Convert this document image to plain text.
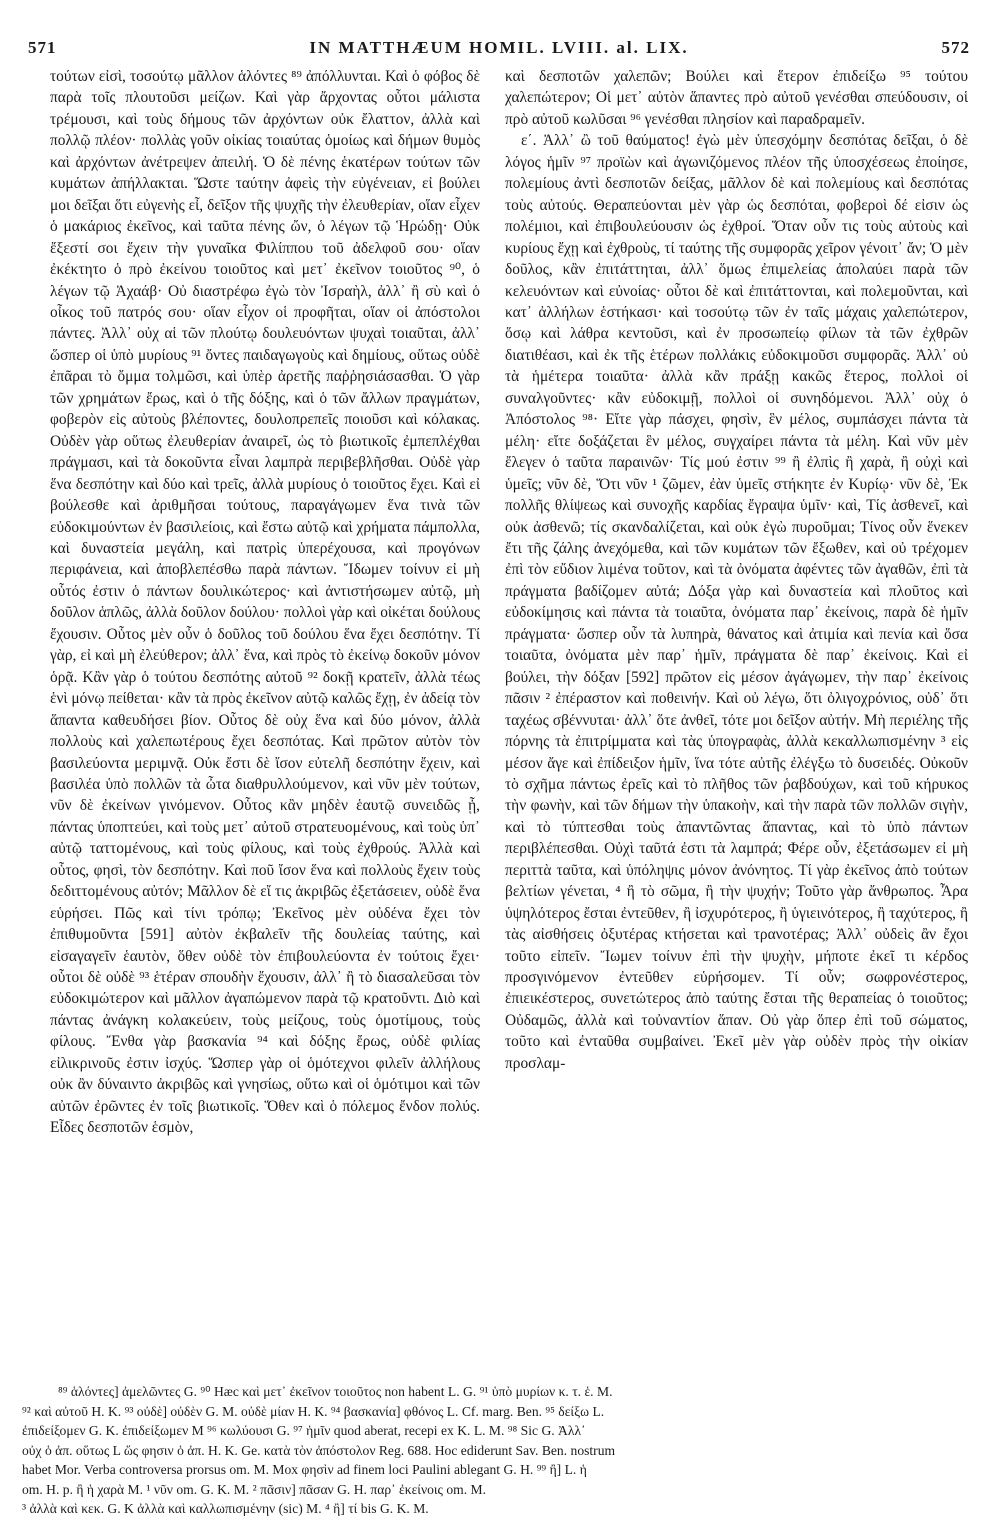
571	IN MATTHÆUM HOMIL. LVIII. al. LIX.	572

τούτων εἰσὶ, τοσούτῳ μᾶλλον ἁλόντες ⁸⁹ ἀπόλλυνται. Καὶ ὁ φόβος δὲ παρὰ τοῖς πλουτοῦσι μείζων. Καὶ γὰρ ἄρχοντας οὗτοι μάλιστα τρέμουσι, καὶ τοὺς δήμους τῶν ἀρχόντων οὐκ ἔλαττον, ἀλλὰ καὶ πολλῷ πλέον· πολλὰς γοῦν οἰκίας τοιαύτας ὁμοίως καὶ δήμων θυμὸς καὶ ἀρχόντων ἀνέτρεψεν ἀπειλή. Ὁ δὲ πένης ἑκατέρων τούτων τῶν κυμάτων ἀπήλλακται. Ὥστε ταύτην ἀφεὶς τὴν εὐγένειαν, εἰ βούλει μοι δεῖξαι ὅτι εὐγενὴς εἶ, δεῖξον τῆς ψυχῆς τὴν ἐλευθερίαν, οἵαν εἶχεν ὁ μακάριος ἐκεῖνος, καὶ ταῦτα πένης ὤν, ὁ λέγων τῷ Ἡρώδῃ· Οὐκ ἔξεστί σοι ἔχειν τὴν γυναῖκα Φιλίππου τοῦ ἀδελφοῦ σου· οἵαν ἐκέκτητο ὁ πρὸ ἐκείνου τοιοῦτος καὶ μετ᾽ ἐκεῖνον τοιοῦτος ⁹⁰, ὁ λέγων τῷ Ἀχαάβ· Οὐ διαστρέφω ἐγὼ τὸν Ἰσραὴλ, ἀλλ᾽ ἢ σὺ καὶ ὁ οἶκος τοῦ πατρός σου· οἵαν εἶχον οἱ προφῆται, οἵαν οἱ ἀπόστολοι πάντες. Ἀλλ᾽ οὐχ αἱ τῶν πλούτῳ δουλευόντων ψυχαὶ τοιαῦται, ἀλλ᾽ ὥσπερ οἱ ὑπὸ μυρίους ⁹¹ ὄντες παιδαγωγοὺς καὶ δημίους, οὕτως οὐδὲ ἐπᾶραι τὸ ὄμμα τολμῶσι, καὶ ὑπὲρ ἀρετῆς παῤῥησιάσασθαι. Ὁ γὰρ τῶν χρημάτων ἔρως, καὶ ὁ τῆς δόξης, καὶ ὁ τῶν ἄλλων πραγμάτων, φοβερὸν εἰς αὐτοὺς βλέποντες, δουλοπρεπεῖς ποιοῦσι καὶ κόλακας. Οὐδὲν γὰρ οὕτως ἐλευθερίαν ἀναιρεῖ, ὡς τὸ βιωτικοῖς ἐμπεπλέχθαι πράγμασι, καὶ τὰ δοκοῦντα εἶναι λαμπρὰ περιβεβλῆσθαι. Οὐδὲ γὰρ ἕνα δεσπότην καὶ δύο καὶ τρεῖς, ἀλλὰ μυρίους ὁ τοιοῦτος ἔχει. Καὶ εἰ βούλεσθε καὶ ἀριθμῆσαι τούτους, παραγάγωμεν ἕνα τινὰ τῶν εὐδοκιμούντων ἐν βασιλείοις, καὶ ἔστω αὐτῷ καὶ χρήματα πάμπολλα, καὶ δυναστεία μεγάλη, καὶ πατρὶς ὑπερέχουσα, καὶ προγόνων περιφάνεια, καὶ ἀποβλεπέσθω παρὰ πάντων. Ἴδωμεν τοίνυν εἰ μὴ οὗτός ἐστιν ὁ πάντων δουλικώτερος· καὶ ἀντιστήσωμεν αὐτῷ, μὴ δοῦλον ἁπλῶς, ἀλλὰ δοῦλον δούλου· πολλοὶ γὰρ καὶ οἰκέται δούλους ἔχουσιν. Οὗτος μὲν οὖν ὁ δοῦλος τοῦ δούλου ἕνα ἔχει δεσπότην. Τί γὰρ, εἰ καὶ μὴ ἐλεύθερον; ἀλλ᾽ ἕνα, καὶ πρὸς τὸ ἐκείνῳ δοκοῦν μόνον ὁρᾷ. Κἂν γὰρ ὁ τούτου δεσπότης αὐτοῦ ⁹² δοκῇ κρατεῖν, ἀλλὰ τέως ἑνὶ μόνῳ πείθεται· κἂν τὰ πρὸς ἐκεῖνον αὐτῷ καλῶς ἔχῃ, ἐν ἀδείᾳ τὸν ἅπαντα καθευδήσει βίον. Οὗτος δὲ οὐχ ἕνα καὶ δύο μόνον, ἀλλὰ πολλοὺς καὶ χαλεπωτέρους ἔχει δεσπότας. Καὶ πρῶτον αὐτὸν τὸν βασιλεύοντα μεριμνᾷ. Οὐκ ἔστι δὲ ἴσον εὐτελῆ δεσπότην ἔχειν, καὶ βασιλέα ὑπὸ πολλῶν τὰ ὦτα διαθρυλλούμενον, καὶ νῦν μὲν τούτων, νῦν δὲ ἐκείνων γινόμενον. Οὗτος κἂν μηδὲν ἑαυτῷ συνειδῶς ᾖ, πάντας ὑποπτεύει, καὶ τοὺς μετ᾽ αὐτοῦ στρατευομένους, καὶ τοὺς ὑπ᾽ αὐτῷ ταττομένους, καὶ τοὺς φίλους, καὶ τοὺς ἐχθρούς. Ἀλλὰ καὶ οὗτος, φησὶ, τὸν δεσπότην. Καὶ ποῦ ἴσον ἕνα καὶ πολλοὺς ἔχειν τοὺς δεδιττομένους αὐτόν; Μᾶλλον δὲ εἴ τις ἀκριβῶς ἐξετάσειεν, οὐδὲ ἕνα εὑρήσει. Πῶς καὶ τίνι τρόπῳ; Ἐκεῖνος μὲν οὐδένα ἔχει τὸν ἐπιθυμοῦντα [591] αὐτὸν ἐκβαλεῖν τῆς δουλείας ταύτης, καὶ εἰσαγαγεῖν ἑαυτὸν, ὅθεν οὐδὲ τὸν ἐπιβουλεύοντα ἐν τούτοις ἔχει· οὗτοι δὲ οὐδὲ ⁹³ ἑτέραν σπουδὴν ἔχουσιν, ἀλλ᾽ ἢ τὸ διασαλεῦσαι τὸν εὐδοκιμώτερον καὶ μᾶλλον ἀγαπώμενον παρὰ τῷ κρατοῦντι. Διὸ καὶ πάντας ἀνάγκη κολακεύειν, τοὺς μείζους, τοὺς ὁμοτίμους, τοὺς φίλους. Ἔνθα γὰρ βασκανία ⁹⁴ καὶ δόξης ἔρως, οὐδὲ φιλίας εἰλικρινοῦς ἐστιν ἰσχύς. Ὥσπερ γὰρ οἱ ὁμότεχνοι φιλεῖν ἀλλήλους οὐκ ἂν δύναιντο ἀκριβῶς καὶ γνησίως, οὕτω καὶ οἱ ὁμότιμοι καὶ τῶν αὐτῶν ἐρῶντες ἐν τοῖς βιωτικοῖς. Ὅθεν καὶ ὁ πόλεμος ἔνδον πολύς. Εἶδες δεσποτῶν ἑσμὸν,

καὶ δεσποτῶν χαλεπῶν; Βούλει καὶ ἕτερον ἐπιδείξω ⁹⁵ τούτου χαλεπώτερον; Οἱ μετ᾽ αὐτὸν ἅπαντες πρὸ αὐτοῦ γενέσθαι σπεύδουσιν, οἱ πρὸ αὐτοῦ κωλῦσαι ⁹⁶ γενέσθαι πλησίον καὶ παραδραμεῖν.

ε΄. Ἀλλ᾽ ὢ τοῦ θαύματος! ἐγὼ μὲν ὑπεσχόμην δεσπότας δεῖξαι, ὁ δὲ λόγος ἡμῖν ⁹⁷ προϊὼν καὶ ἀγωνιζόμενος πλέον τῆς ὑποσχέσεως ἐποίησε, πολεμίους ἀντὶ δεσποτῶν δείξας, μᾶλλον δὲ καὶ πολεμίους καὶ δεσπότας τοὺς αὐτούς. Θεραπεύονται μὲν γὰρ ὡς δεσπόται, φοβεροὶ δέ εἰσιν ὡς πολέμιοι, καὶ ἐπιβουλεύουσιν ὡς ἐχθροί. Ὅταν οὖν τις τοὺς αὐτοὺς καὶ κυρίους ἔχῃ καὶ ἐχθροὺς, τί ταύτης τῆς συμφορᾶς χεῖρον γένοιτ᾽ ἄν; Ὁ μὲν δοῦλος, κἂν ἐπιτάττηται, ἀλλ᾽ ὅμως ἐπιμελείας ἀπολαύει παρὰ τῶν κελευόντων καὶ εὐνοίας· οὗτοι δὲ καὶ ἐπιτάττονται, καὶ πολεμοῦνται, καὶ κατ᾽ ἀλλήλων ἑστήκασι· καὶ τοσούτῳ τῶν ἐν ταῖς μάχαις χαλεπώτερον, ὅσῳ καὶ λάθρα κεντοῦσι, καὶ ἐν προσωπείῳ φίλων τὰ τῶν ἐχθρῶν διατιθέασι, καὶ ἐκ τῆς ἑτέρων πολλάκις εὐδοκιμοῦσι συμφορᾶς. Ἀλλ᾽ οὐ τὰ ἡμέτερα τοιαῦτα· ἀλλὰ κἂν πράξῃ κακῶς ἕτερος, πολλοὶ οἱ συναλγοῦντες· κἂν εὐδοκιμῇ, πολλοὶ οἱ συνηδόμενοι. Ἀλλ᾽ οὐχ ὁ Ἀπόστολος ⁹⁸· Εἴτε γὰρ πάσχει, φησὶν, ἓν μέλος, συμπάσχει πάντα τὰ μέλη· εἴτε δοξάζεται ἓν μέλος, συγχαίρει πάντα τὰ μέλη. Καὶ νῦν μὲν ἔλεγεν ὁ ταῦτα παραινῶν· Τίς μού ἐστιν ⁹⁹ ἢ ἐλπὶς ἢ χαρὰ, ἢ οὐχὶ καὶ ὑμεῖς; νῦν δὲ, Ὅτι νῦν ¹ ζῶμεν, ἐὰν ὑμεῖς στήκητε ἐν Κυρίῳ· νῦν δὲ, Ἐκ πολλῆς θλίψεως καὶ συνοχῆς καρδίας ἔγραψα ὑμῖν· καὶ, Τίς ἀσθενεῖ, καὶ οὐκ ἀσθενῶ; τίς σκανδαλίζεται, καὶ οὐκ ἐγὼ πυροῦμαι; Τίνος οὖν ἕνεκεν ἔτι τῆς ζάλης ἀνεχόμεθα, καὶ τῶν κυμάτων τῶν ἔξωθεν, καὶ οὐ τρέχομεν ἐπὶ τὸν εὔδιον λιμένα τοῦτον, καὶ τὰ ὀνόματα ἀφέντες τῶν ἀγαθῶν, ἐπὶ τὰ πράγματα βαδίζομεν αὐτά; Δόξα γὰρ καὶ δυναστεία καὶ πλοῦτος καὶ εὐδοκίμησις καὶ πάντα τὰ τοιαῦτα, ὀνόματα παρ᾽ ἐκείνοις, παρὰ δὲ ἡμῖν πράγματα· ὥσπερ οὖν τὰ λυπηρὰ, θάνατος καὶ ἀτιμία καὶ πενία καὶ ὅσα τοιαῦτα, ὀνόματα μὲν παρ᾽ ἡμῖν, πράγματα δὲ παρ᾽ ἐκείνοις. Καὶ εἰ βούλει, τὴν δόξαν [592] πρῶτον εἰς μέσον ἀγάγωμεν, τὴν παρ᾽ ἐκείνοις πᾶσιν ² ἐπέραστον καὶ ποθεινήν. Καὶ οὐ λέγω, ὅτι ὀλιγοχρόνιος, οὐδ᾽ ὅτι ταχέως σβέννυται· ἀλλ᾽ ὅτε ἀνθεῖ, τότε μοι δεῖξον αὐτήν. Μὴ περιέλης τῆς πόρνης τὰ ἐπιτρίμματα καὶ τὰς ὑπογραφὰς, ἀλλὰ κεκαλλωπισμένην ³ εἰς μέσον ἄγε καὶ ἐπίδειξον ἡμῖν, ἵνα τότε αὐτῆς ἐλέγξω τὸ δυσειδές. Οὐκοῦν τὸ σχῆμα πάντως ἐρεῖς καὶ τὸ πλῆθος τῶν ῥαβδούχων, καὶ τοῦ κήρυκος τὴν φωνὴν, καὶ τῶν δήμων τὴν ὑπακοὴν, καὶ τὴν παρὰ τῶν πολλῶν σιγὴν, καὶ τὸ τύπτεσθαι τοὺς ἀπαντῶντας ἅπαντας, καὶ τὸ ὑπὸ πάντων περιβλέπεσθαι. Οὐχὶ ταῦτά ἐστι τὰ λαμπρά; Φέρε οὖν, ἐξετάσωμεν εἰ μὴ περιττὰ ταῦτα, καὶ ὑπόληψις μόνον ἀνόνητος. Τί γὰρ ἐκεῖνος ἀπὸ τούτων βελτίων γένεται, ⁴ ἢ τὸ σῶμα, ἢ τὴν ψυχήν; Τοῦτο γὰρ ἄνθρωπος. Ἆρα ὑψηλότερος ἔσται ἐντεῦθεν, ἢ ἰσχυρότερος, ἢ ὑγιεινότερος, ἢ ταχύτερος, ἢ τὰς αἰσθήσεις ὀξυτέρας κτήσεται καὶ τρανοτέρας; Ἀλλ᾽ οὐδεὶς ἂν ἔχοι τοῦτο εἰπεῖν. Ἴωμεν τοίνυν ἐπὶ τὴν ψυχὴν, μήποτε ἐκεῖ τι κέρδος προσγινόμενον ἐντεῦθεν εὑρήσομεν. Τί οὖν; σωφρονέστερος, ἐπιεικέστερος, συνετώτερος ἀπὸ ταύτης ἔσται τῆς θεραπείας ὁ τοιοῦτος; Οὐδαμῶς, ἀλλὰ καὶ τοὐναντίον ἅπαν. Οὐ γὰρ ὅπερ ἐπὶ τοῦ σώματος, τοῦτο καὶ ἐνταῦθα συμβαίνει. Ἐκεῖ μὲν γὰρ οὐδὲν πρὸς τὴν οἰκίαν προσλαμ-

⁸⁹ ἁλόντες] ἀμελῶντες G. ⁹⁰ Hæc καὶ μετ᾽ ἐκεῖνον τοιοῦτος non habent L. G. ⁹¹ ὑπὸ μυρίων κ. τ. ἑ. M.

⁹² καὶ αὐτοῦ H. K. ⁹³ οὐδὲ] οὐδὲν G. M. οὐδὲ μίαν H. K. ⁹⁴ βασκανία] φθόνος L. Cf. marg. Ben. ⁹⁵ δείξω L.

ἐπιδείξομεν G. K. ἐπιδείξωμεν M ⁹⁶ κωλύουσι G. ⁹⁷ ἡμῖν quod aberat, recepi ex K. L. M. ⁹⁸ Sic G. Ἀλλ᾽

οὐχ ὁ ἀπ. οὕτως L ὥς φησιν ὁ ἀπ. H. K. Ge. κατὰ τὸν ἀπόστολον Reg. 688. Hoc ediderunt Sav. Ben. nostrum

habet Mor. Verba controversa prorsus om. M. Mox φησὶν ad finem loci Paulini ablegant G. H. ⁹⁹ ἢ] L. ἡ

om. H. p. ἢ ἡ χαρὰ M. ¹ νῦν om. G. K. M. ² πᾶσιν] πᾶσαν G. H. παρ᾽ ἐκείνοις om. M.

³ ἀλλὰ καὶ κεκ. G. K ἀλλὰ καὶ καλλωπισμένην (sic) M. ⁴ ἢ] τί bis G. K. M.
